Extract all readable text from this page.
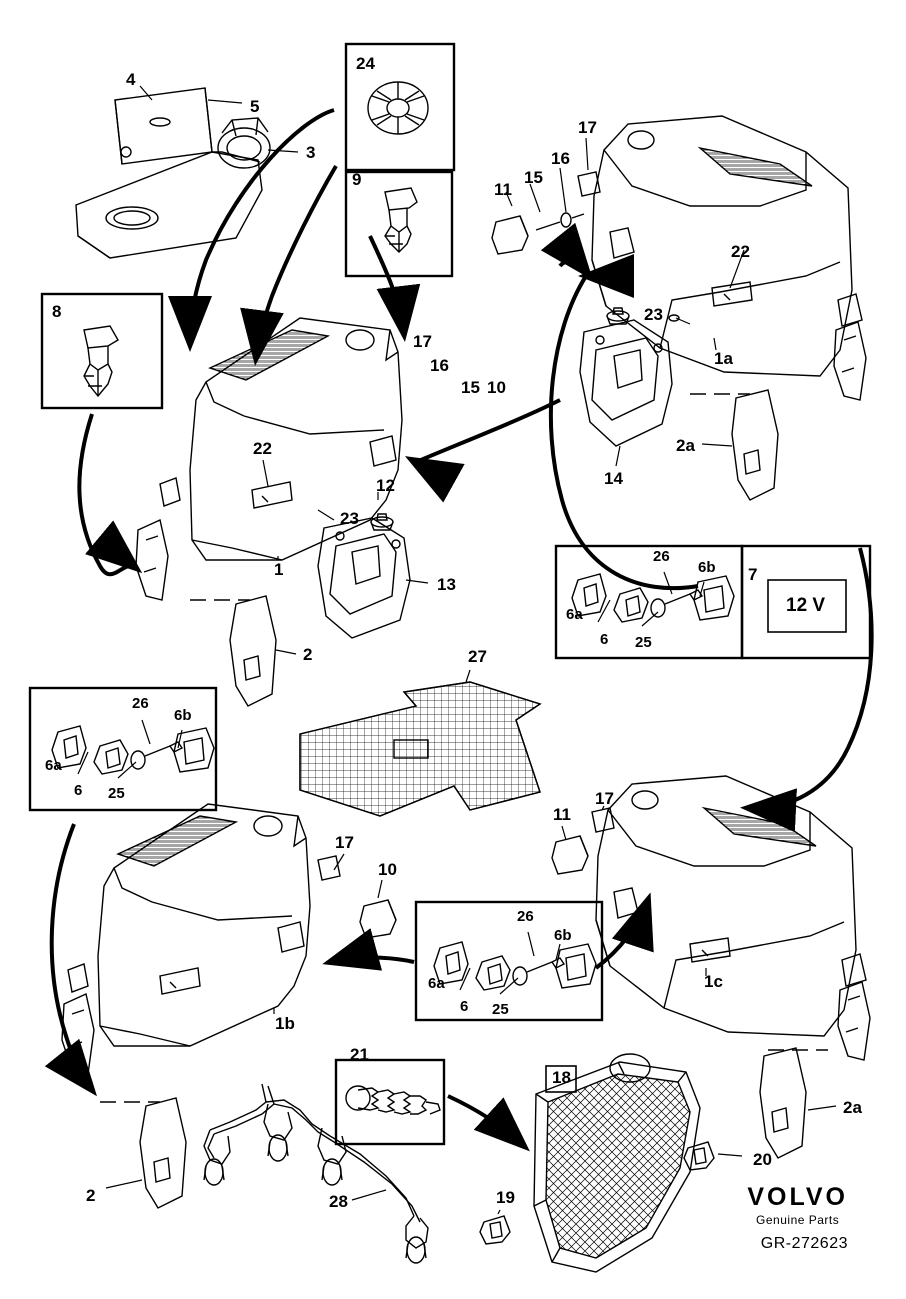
4
5
3
24
9
8
17
16
15
11
22
12
23
1a
14
2a
17
16
15 10
22
23
12
13
1
2
6a
6 25
26
6b 7
12 V
27
6a
6 25
26
6b
17
10
11
17
1c
1b
6a
6 25
26
6b
2a
21
18
20
19
28
2	VOLVO
Genuine Parts
GR-272623
